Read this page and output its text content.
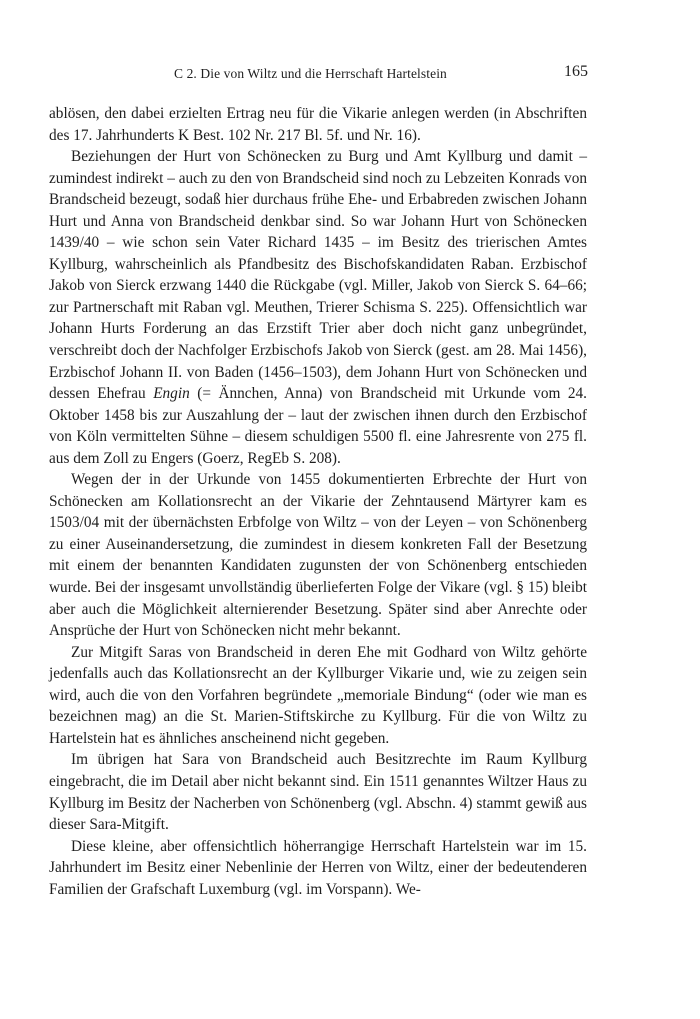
C 2. Die von Wiltz und die Herrschaft Hartelstein	165

ablösen, den dabei erzielten Ertrag neu für die Vikarie anlegen werden (in Abschriften des 17. Jahrhunderts K Best. 102 Nr. 217 Bl. 5f. und Nr. 16).

Beziehungen der Hurt von Schönecken zu Burg und Amt Kyllburg und damit – zumindest indirekt – auch zu den von Brandscheid sind noch zu Lebzeiten Konrads von Brandscheid bezeugt, sodaß hier durchaus frühe Ehe- und Erbabreden zwischen Johann Hurt und Anna von Brandscheid denkbar sind. So war Johann Hurt von Schönecken 1439/40 – wie schon sein Vater Richard 1435 – im Besitz des trierischen Amtes Kyllburg, wahrscheinlich als Pfandbesitz des Bischofskandidaten Raban. Erzbischof Jakob von Sierck erzwang 1440 die Rückgabe (vgl. Miller, Jakob von Sierck S. 64–66; zur Partnerschaft mit Raban vgl. Meuthen, Trierer Schisma S. 225). Offensichtlich war Johann Hurts Forderung an das Erzstift Trier aber doch nicht ganz unbegründet, verschreibt doch der Nachfolger Erzbischofs Jakob von Sierck (gest. am 28. Mai 1456), Erzbischof Johann II. von Baden (1456–1503), dem Johann Hurt von Schönecken und dessen Ehefrau Engin (= Ännchen, Anna) von Brandscheid mit Urkunde vom 24. Oktober 1458 bis zur Auszahlung der – laut der zwischen ihnen durch den Erzbischof von Köln vermittelten Sühne – diesem schuldigen 5500 fl. eine Jahresrente von 275 fl. aus dem Zoll zu Engers (Goerz, RegEb S. 208).

Wegen der in der Urkunde von 1455 dokumentierten Erbrechte der Hurt von Schönecken am Kollationsrecht an der Vikarie der Zehntausend Märtyrer kam es 1503/04 mit der übernächsten Erbfolge von Wiltz – von der Leyen – von Schönenberg zu einer Auseinandersetzung, die zumindest in diesem konkreten Fall der Besetzung mit einem der benannten Kandidaten zugunsten der von Schönenberg entschieden wurde. Bei der insgesamt unvollständig überlieferten Folge der Vikare (vgl. § 15) bleibt aber auch die Möglichkeit alternierender Besetzung. Später sind aber Anrechte oder Ansprüche der Hurt von Schönecken nicht mehr bekannt.

Zur Mitgift Saras von Brandscheid in deren Ehe mit Godhard von Wiltz gehörte jedenfalls auch das Kollationsrecht an der Kyllburger Vikarie und, wie zu zeigen sein wird, auch die von den Vorfahren begründete „memoriale Bindung“ (oder wie man es bezeichnen mag) an die St. Marien-Stiftskirche zu Kyllburg. Für die von Wiltz zu Hartelstein hat es ähnliches anscheinend nicht gegeben.

Im übrigen hat Sara von Brandscheid auch Besitzrechte im Raum Kyllburg eingebracht, die im Detail aber nicht bekannt sind. Ein 1511 genanntes Wiltzer Haus zu Kyllburg im Besitz der Nacherben von Schönenberg (vgl. Abschn. 4) stammt gewiß aus dieser Sara-Mitgift.

Diese kleine, aber offensichtlich höherrangige Herrschaft Hartelstein war im 15. Jahrhundert im Besitz einer Nebenlinie der Herren von Wiltz, einer der bedeutenderen Familien der Grafschaft Luxemburg (vgl. im Vorspann). We-
